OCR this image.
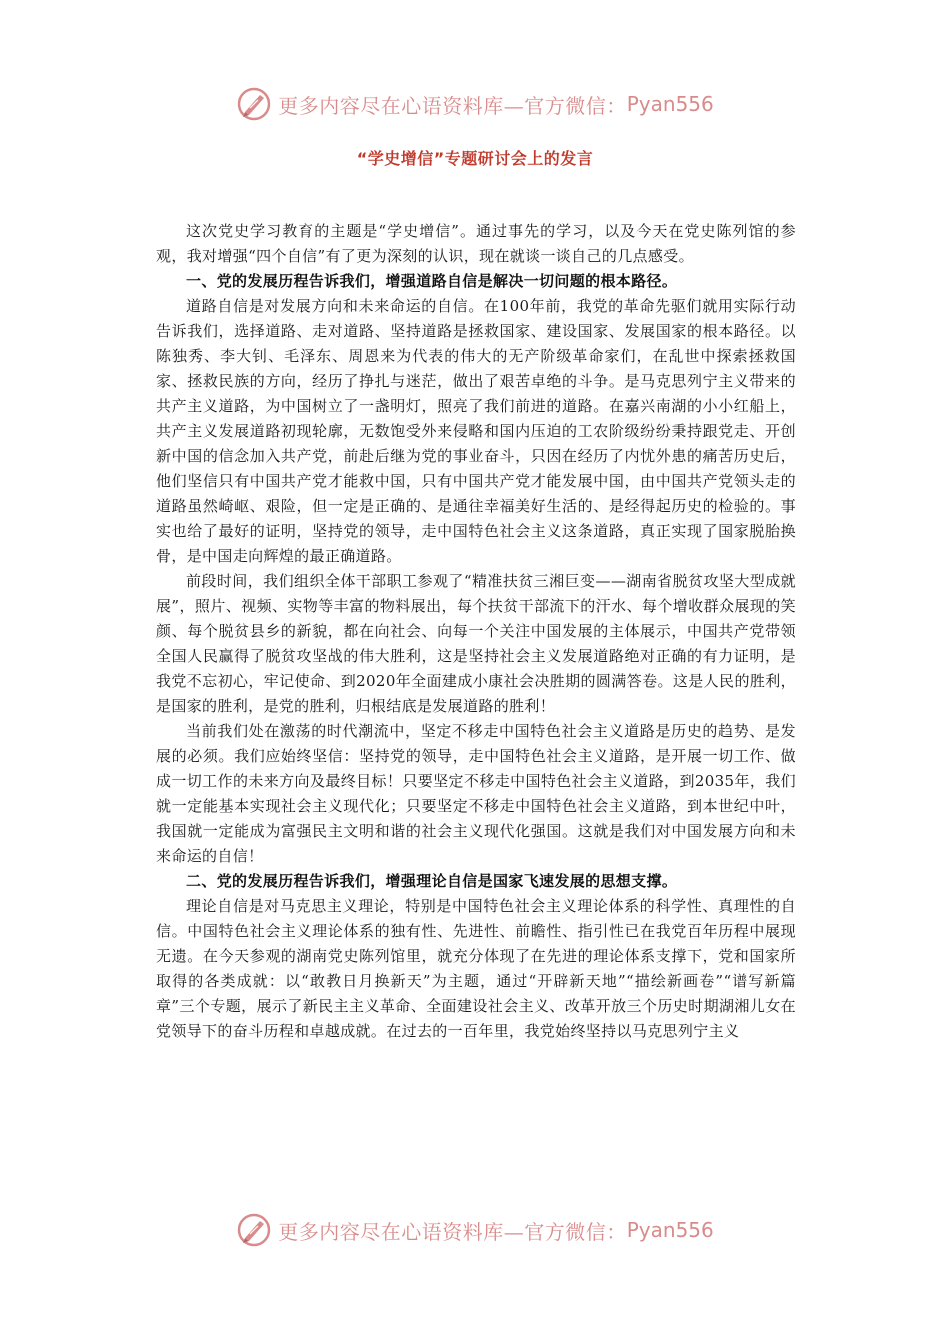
更多内容尽在心语资料库—官方微信： Pyan556
“学史增信”专题研讨会上的发言

这次党史学习教育的主题是“学史增信”。通过事先的学习，以及今天在党史陈列馆的参观，我对增强“四个自信”有了更为深刻的认识，现在就谈一谈自己的几点感受。

一、党的发展历程告诉我们，增强道路自信是解决一切问题的根本路径。

道路自信是对发展方向和未来命运的自信。在100年前，我党的革命先驱们就用实际行动告诉我们，选择道路、走对道路、坚持道路是拯救国家、建设国家、发展国家的根本路径。以陈独秀、李大钊、毛泽东、周恩来为代表的伟大的无产阶级革命家们，在乱世中探索拯救国家、拯救民族的方向，经历了挣扎与迷茫，做出了艰苦卓绝的斗争。是马克思列宁主义带来的共产主义道路，为中国树立了一盏明灯，照亮了我们前进的道路。在嘉兴南湖的小小红船上，共产主义发展道路初现轮廓，无数饱受外来侵略和国内压迫的工农阶级纷纷秉持跟党走、开创新中国的信念加入共产党，前赴后继为党的事业奋斗，只因在经历了内忧外患的痛苦历史后，他们坚信只有中国共产党才能救中国，只有中国共产党才能发展中国，由中国共产党领头走的道路虽然崎岖、艰险，但一定是正确的、是通往幸福美好生活的、是经得起历史的检验的。事实也给了最好的证明，坚持党的领导，走中国特色社会主义这条道路，真正实现了国家脱胎换骨，是中国走向辉煌的最正确道路。

前段时间，我们组织全体干部职工参观了“精准扶贫三湘巨变——湖南省脱贫攻坚大型成就展”，照片、视频、实物等丰富的物料展出，每个扶贫干部流下的汗水、每个增收群众展现的笑颜、每个脱贫县乡的新貌，都在向社会、向每一个关注中国发展的主体展示，中国共产党带领全国人民赢得了脱贫攻坚战的伟大胜利，这是坚持社会主义发展道路绝对正确的有力证明，是我党不忘初心，牢记使命、到2020年全面建成小康社会决胜期的圆满答卷。这是人民的胜利，是国家的胜利，是党的胜利，归根结底是发展道路的胜利！

当前我们处在激荡的时代潮流中，坚定不移走中国特色社会主义道路是历史的趋势、是发展的必须。我们应始终坚信：坚持党的领导，走中国特色社会主义道路，是开展一切工作、做成一切工作的未来方向及最终目标！只要坚定不移走中国特色社会主义道路，到2035年，我们就一定能基本实现社会主义现代化；只要坚定不移走中国特色社会主义道路，到本世纪中叶，我国就一定能成为富强民主文明和谐的社会主义现代化强国。这就是我们对中国发展方向和未来命运的自信！

二、党的发展历程告诉我们，增强理论自信是国家飞速发展的思想支撑。

理论自信是对马克思主义理论，特别是中国特色社会主义理论体系的科学性、真理性的自信。中国特色社会主义理论体系的独有性、先进性、前瞻性、指引性已在我党百年历程中展现无遗。在今天参观的湖南党史陈列馆里，就充分体现了在先进的理论体系支撑下，党和国家所取得的各类成就：以“敢教日月换新天”为主题，通过“开辟新天地”“描绘新画卷”“谱写新篇章”三个专题，展示了新民主主义革命、全面建设社会主义、改革开放三个历史时期湖湘儿女在党领导下的奋斗历程和卓越成就。在过去的一百年里，我党始终坚持以马克思列宁主义

更多内容尽在心语资料库—官方微信： Pyan556
